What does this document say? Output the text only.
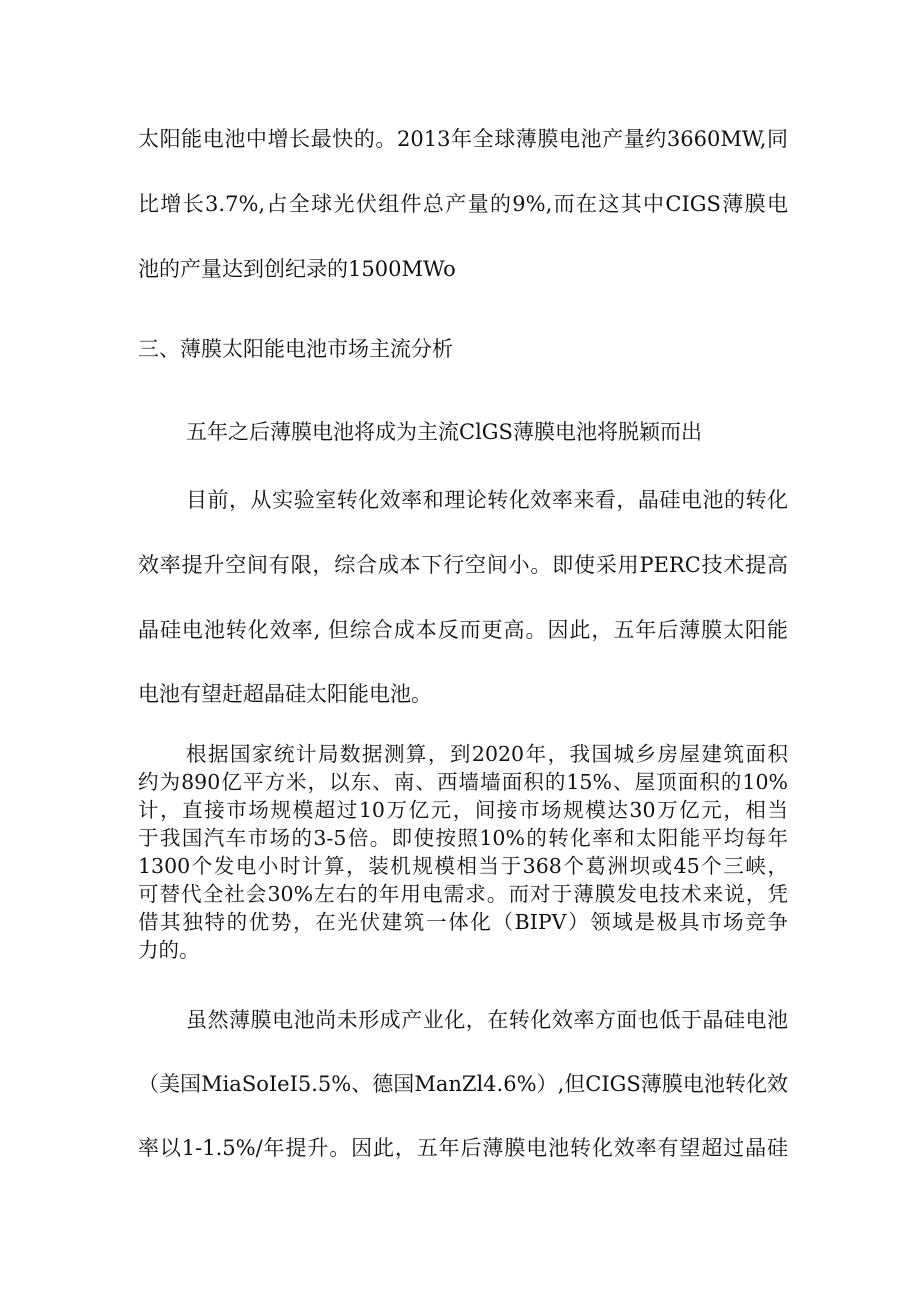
太阳能电池中增长最快的。2013年全球薄膜电池产量约3660MW,同
比增长3.7%,占全球光伏组件总产量的9%,而在这其中CIGS薄膜电
池的产量达到创纪录的1500MWo
三、薄膜太阳能电池市场主流分析
五年之后薄膜电池将成为主流ClGS薄膜电池将脱颖而出
目前，从实验室转化效率和理论转化效率来看，晶硅电池的转化
效率提升空间有限，综合成本下行空间小。即使采用PERC技术提高
晶硅电池转化效率, 但综合成本反而更高。因此，五年后薄膜太阳能
电池有望赶超晶硅太阳能电池。
根据国家统计局数据测算，到2020年，我国城乡房屋建筑面积
约为890亿平方米，以东、南、西墙墙面积的15%、屋顶面积的10%
计，直接市场规模超过10万亿元，间接市场规模达30万亿元，相当
于我国汽车市场的3-5倍。即使按照10%的转化率和太阳能平均每年
1300个发电小时计算，装机规模相当于368个葛洲坝或45个三峡，
可替代全社会30%左右的年用电需求。而对于薄膜发电技术来说，凭
借其独特的优势，在光伏建筑一体化（BIPV）领域是极具市场竞争
力的。
虽然薄膜电池尚未形成产业化，在转化效率方面也低于晶硅电池
（美国MiaSoIeI5.5%、德国ManZl4.6%）,但CIGS薄膜电池转化效
率以1-1.5%/年提升。因此，五年后薄膜电池转化效率有望超过晶硅
